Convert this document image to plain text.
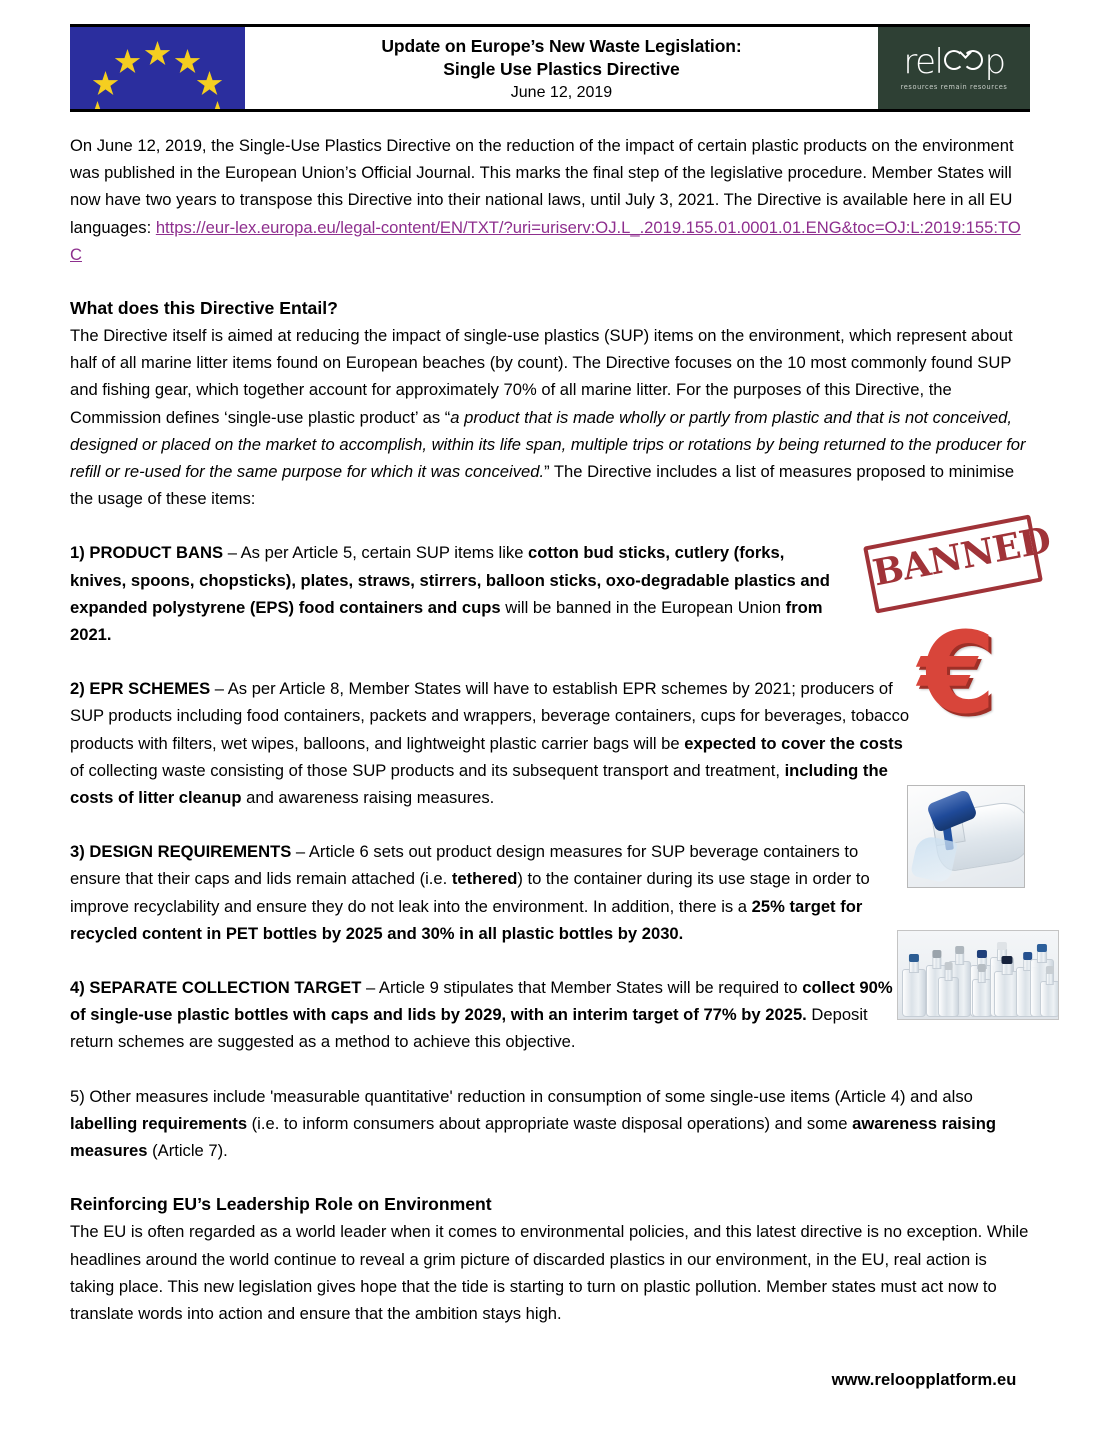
Update on Europe’s New Waste Legislation:
Single Use Plastics Directive
June 12, 2019
rel p
resources remain resources
BANNED
€

On June 12, 2019, the Single-Use Plastics Directive on the reduction of the impact of certain plastic products on the environment was published in the European Union’s Official Journal. This marks the final step of the legislative procedure. Member States will now have two years to transpose this Directive into their national laws, until July 3, 2021. The Directive is available here in all EU languages: https://eur-lex.europa.eu/legal-content/EN/TXT/?uri=uriserv:OJ.L_.2019.155.01.0001.01.ENG&toc=OJ:L:2019:155:TOC

What does this Directive Entail?

The Directive itself is aimed at reducing the impact of single-use plastics (SUP) items on the environment, which represent about half of all marine litter items found on European beaches (by count). The Directive focuses on the 10 most commonly found SUP and fishing gear, which together account for approximately 70% of all marine litter. For the purposes of this Directive, the Commission defines ‘single-use plastic product’ as “a product that is made wholly or partly from plastic and that is not conceived, designed or placed on the market to accomplish, within its life span, multiple trips or rotations by being returned to the producer for refill or re-used for the same purpose for which it was conceived.” The Directive includes a list of measures proposed to minimise the usage of these items:

1) PRODUCT BANS – As per Article 5, certain SUP items like cotton bud sticks, cutlery (forks, knives, spoons, chopsticks), plates, straws, stirrers, balloon sticks, oxo-degradable plastics and expanded polystyrene (EPS) food containers and cups will be banned in the European Union from 2021.

2) EPR SCHEMES – As per Article 8, Member States will have to establish EPR schemes by 2021; producers of SUP products including food containers, packets and wrappers, beverage containers, cups for beverages, tobacco products with filters, wet wipes, balloons, and lightweight plastic carrier bags will be expected to cover the costs of collecting waste consisting of those SUP products and its subsequent transport and treatment, including the costs of litter cleanup and awareness raising measures.

3) DESIGN REQUIREMENTS – Article 6 sets out product design measures for SUP beverage containers to ensure that their caps and lids remain attached (i.e. tethered) to the container during its use stage in order to improve recyclability and ensure they do not leak into the environment. In addition, there is a 25% target for recycled content in PET bottles by 2025 and 30% in all plastic bottles by 2030.

4) SEPARATE COLLECTION TARGET – Article 9 stipulates that Member States will be required to collect 90% of single-use plastic bottles with caps and lids by 2029, with an interim target of 77% by 2025. Deposit return schemes are suggested as a method to achieve this objective.

5) Other measures include 'measurable quantitative' reduction in consumption of some single-use items (Article 4) and also labelling requirements (i.e. to inform consumers about appropriate waste disposal operations) and some awareness raising measures (Article 7).

Reinforcing EU’s Leadership Role on Environment

The EU is often regarded as a world leader when it comes to environmental policies, and this latest directive is no exception. While headlines around the world continue to reveal a grim picture of discarded plastics in our environment, in the EU, real action is taking place. This new legislation gives hope that the tide is starting to turn on plastic pollution. Member states must act now to translate words into action and ensure that the ambition stays high.

www.reloopplatform.eu
